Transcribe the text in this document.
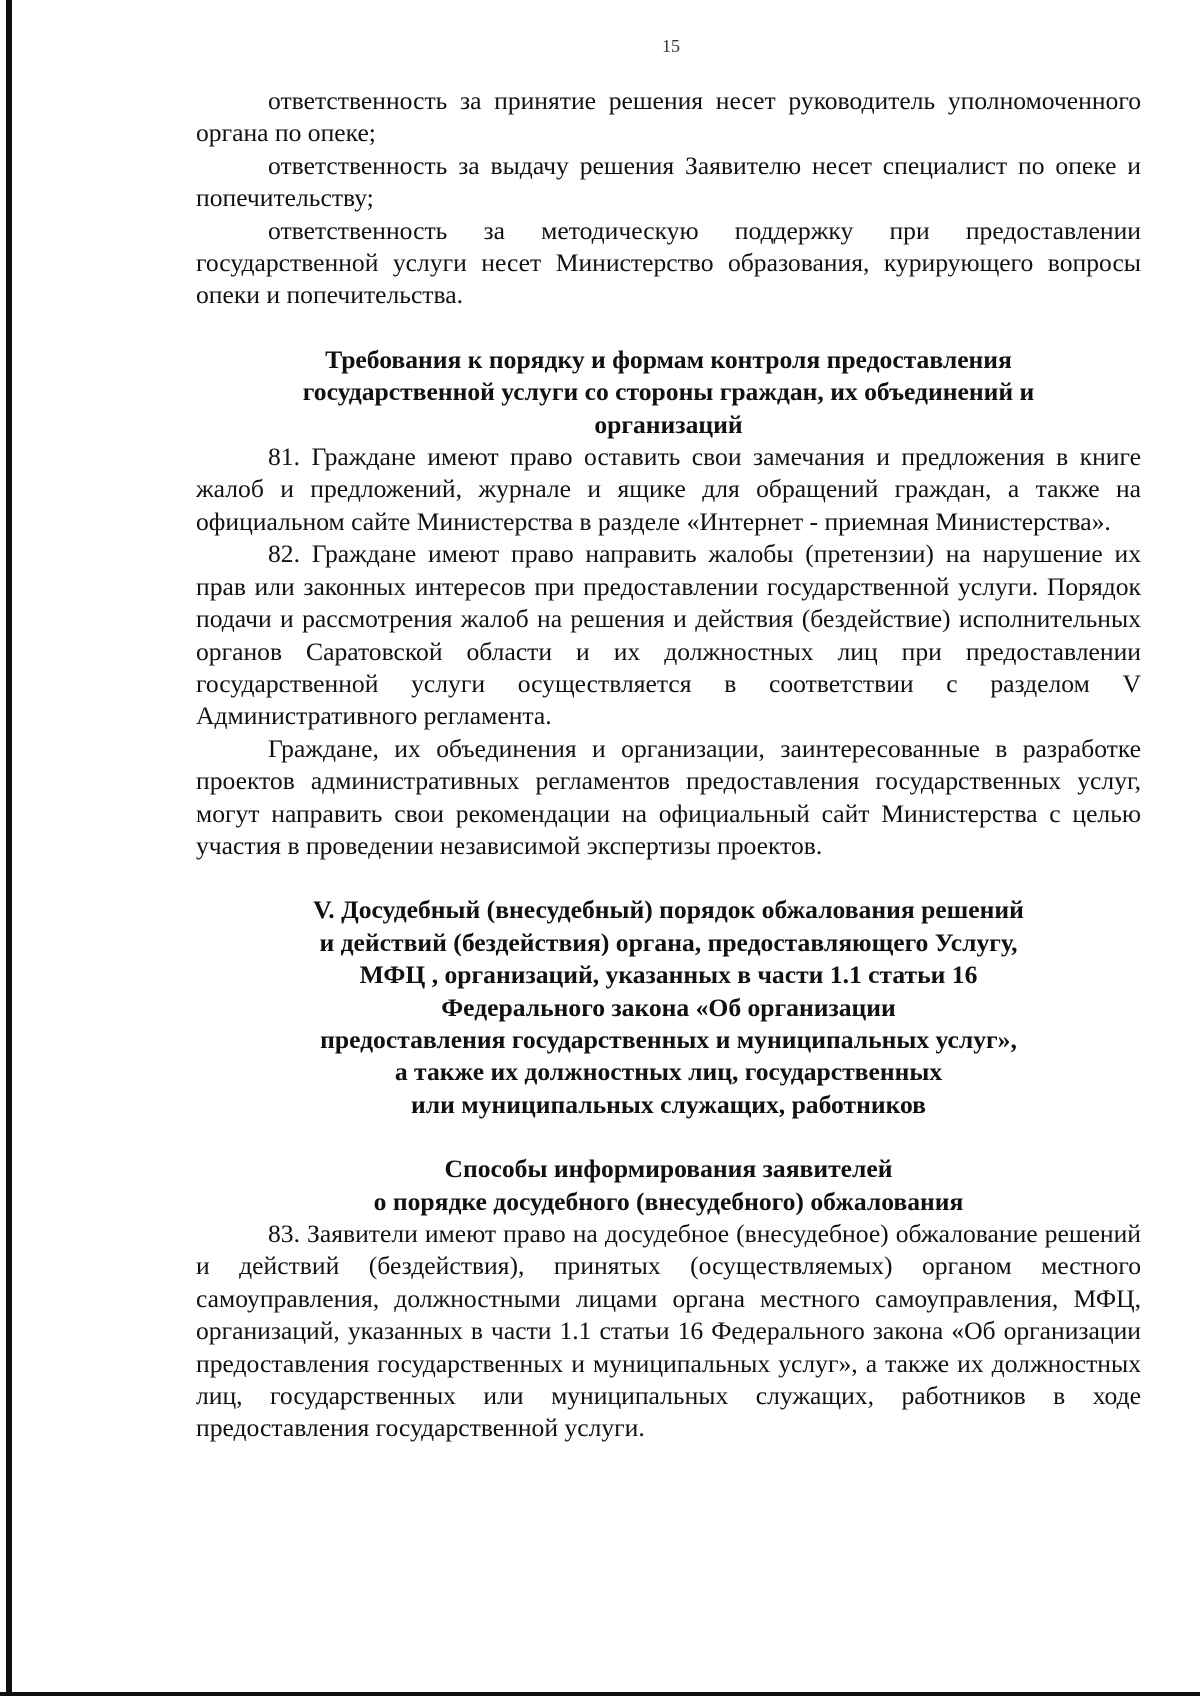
15

ответственность за принятие решения несет руководитель уполномоченного органа по опеке;

ответственность за выдачу решения Заявителю несет специалист по опеке и попечительству;

ответственность за методическую поддержку при предоставлении государственной услуги несет Министерство образования, курирующего вопросы опеки и попечительства.

Требования к порядку и формам контроля предоставления
государственной услуги со стороны граждан, их объединений и
организаций

81. Граждане имеют право оставить свои замечания и предложения в книге жалоб и предложений, журнале и ящике для обращений граждан, а также на официальном сайте Министерства в разделе «Интернет - приемная Министерства».

82. Граждане имеют право направить жалобы (претензии) на нарушение их прав или законных интересов при предоставлении государственной услуги. Порядок подачи и рассмотрения жалоб на решения и действия (бездействие) исполнительных органов Саратовской области и их должностных лиц при предоставлении государственной услуги осуществляется в соответствии с разделом V Административного регламента.

Граждане, их объединения и организации, заинтересованные в разработке проектов административных регламентов предоставления государственных услуг, могут направить свои рекомендации на официальный сайт Министерства с целью участия в проведении независимой экспертизы проектов.

V. Досудебный (внесудебный) порядок обжалования решений
и действий (бездействия) органа, предоставляющего Услугу,
МФЦ , организаций, указанных в части 1.1 статьи 16
Федерального закона «Об организации
предоставления государственных и муниципальных услуг»,
а также их должностных лиц, государственных
или муниципальных служащих, работников
Способы информирования заявителей
о порядке досудебного (внесудебного) обжалования

83. Заявители имеют право на досудебное (внесудебное) обжалование решений и действий (бездействия), принятых (осуществляемых) органом местного самоуправления, должностными лицами органа местного самоуправления, МФЦ, организаций, указанных в части 1.1 статьи 16 Федерального закона «Об организации предоставления государственных и муниципальных услуг», а также их должностных лиц, государственных или муниципальных служащих, работников в ходе предоставления государственной услуги.
